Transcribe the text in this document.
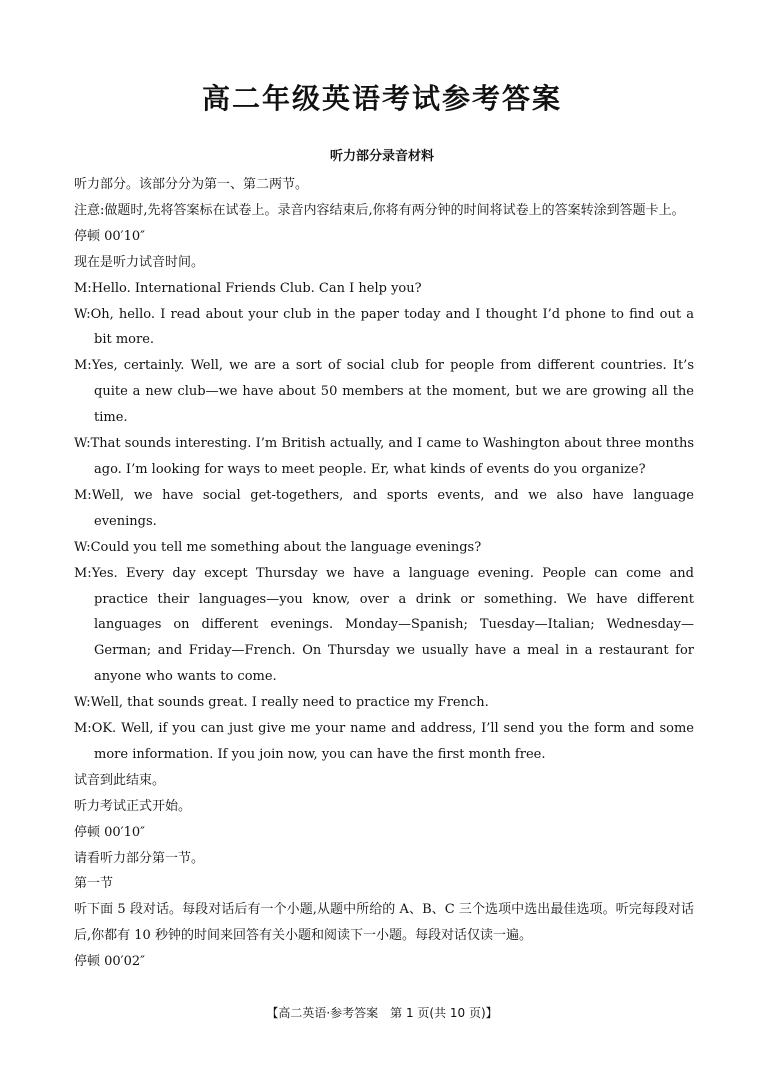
高二年级英语考试参考答案
听力部分录音材料

听力部分。该部分分为第一、第二两节。

注意:做题时,先将答案标在试卷上。录音内容结束后,你将有两分钟的时间将试卷上的答案转涂到答题卡上。

停顿 00′10″

现在是听力试音时间。

M:Hello. International Friends Club. Can I help you?
W:Oh, hello. I read about your club in the paper today and I thought I’d phone to find out a bit more.
M:Yes, certainly. Well, we are a sort of social club for people from different countries. It’s quite a new club—we have about 50 members at the moment, but we are growing all the time.
W:That sounds interesting. I’m British actually, and I came to Washington about three months ago. I’m looking for ways to meet people. Er, what kinds of events do you organize?
M:Well, we have social get-togethers, and sports events, and we also have language evenings.
W:Could you tell me something about the language evenings?
M:Yes. Every day except Thursday we have a language evening. People can come and practice their languages—you know, over a drink or something. We have different languages on different evenings. Monday—Spanish; Tuesday—Italian; Wednesday—German; and Friday—French. On Thursday we usually have a meal in a restaurant for anyone who wants to come.
W:Well, that sounds great. I really need to practice my French.
M:OK. Well, if you can just give me your name and address, I’ll send you the form and some more information. If you join now, you can have the first month free.

试音到此结束。

听力考试正式开始。

停顿 00′10″

请看听力部分第一节。

第一节

听下面 5 段对话。每段对话后有一个小题,从题中所给的 A、B、C 三个选项中选出最佳选项。听完每段对话后,你都有 10 秒钟的时间来回答有关小题和阅读下一小题。每段对话仅读一遍。

停顿 00′02″

【高二英语·参考答案　第 1 页(共 10 页)】
